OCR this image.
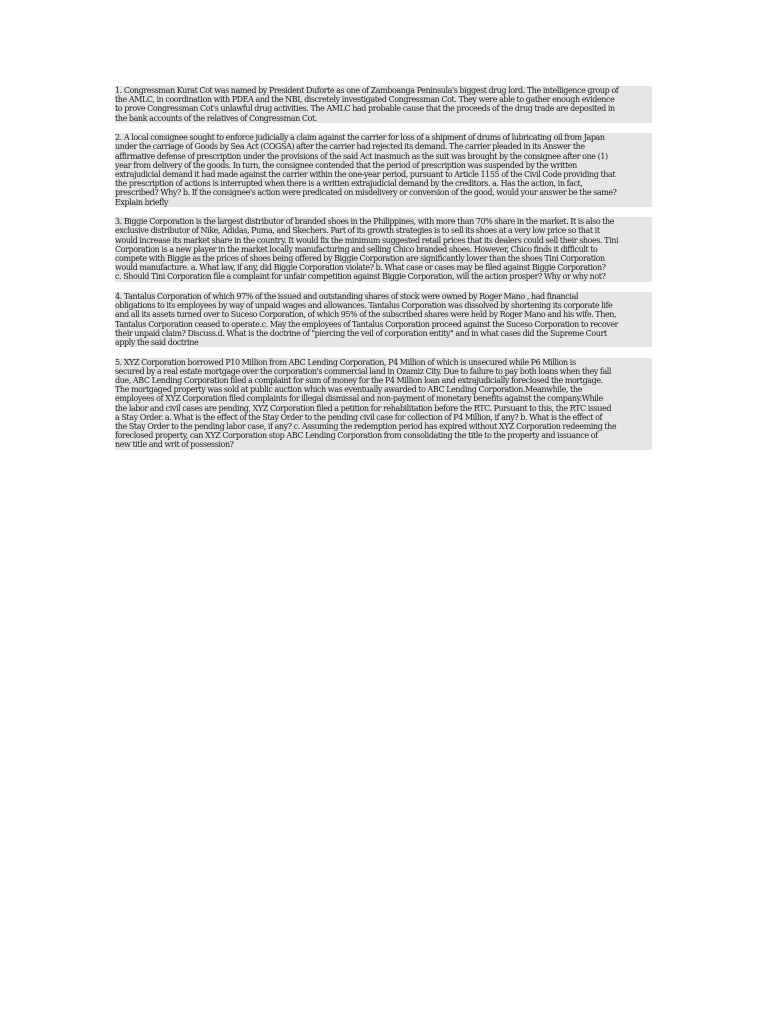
1. Congressman Kurat Cot was named by President Duforte as one of Zamboanga Peninsula's biggest drug lord. The intelligence group of
the AMLC, in coordination with PDEA and the NBI, discretely investigated Congressman Cot. They were able to gather enough evidence
to prove Congressman Cot's unlawful drug activities. The AMLC had probable cause that the proceeds of the drug trade are deposited in
the bank accounts of the relatives of Congressman Cot.
2. A local consignee sought to enforce judicially a claim against the carrier for loss of a shipment of drums of lubricating oil from Japan
under the carriage of Goods by Sea Act (COGSA) after the carrier had rejected its demand. The carrier pleaded in its Answer the
affirmative defense of prescription under the provisions of the said Act inasmuch as the suit was brought by the consignee after one (1)
year from delivery of the goods. In turn, the consignee contended that the period of prescription was suspended by the written
extrajudicial demand it had made against the carrier within the one-year period, pursuant to Article 1155 of the Civil Code providing that
the prescription of actions is interrupted when there is a written extrajudicial demand by the creditors. a. Has the action, in fact,
prescribed? Why? b. If the consignee's action were predicated on misdelivery or conversion of the good, would your answer be the same?
Explain briefly
3. Biggie Corporation is the largest distributor of branded shoes in the Philippines, with more than 70% share in the market. It is also the
exclusive distributor of Nike, Adidas, Puma, and Skechers. Part of its growth strategies is to sell its shoes at a very low price so that it
would increase its market share in the country. It would fix the minimum suggested retail prices that its dealers could sell their shoes. Tini
Corporation is a new player in the market locally manufacturing and selling Chico branded shoes. However, Chico finds it difficult to
compete with Biggie as the prices of shoes being offered by Biggie Corporation are significantly lower than the shoes Tini Corporation
would manufacture. a. What law, if any, did Biggie Corporation violate? b. What case or cases may be filed against Biggie Corporation?
c. Should Tini Corporation file a complaint for unfair competition against Biggie Corporation, will the action prosper? Why or why not?
4. Tantalus Corporation of which 97% of the issued and outstanding shares of stock were owned by Roger Mano , had financial
obligations to its employees by way of unpaid wages and allowances. Tantalus Corporation was dissolved by shortening its corporate life
and all its assets turned over to Suceso Corporation, of which 95% of the subscribed shares were held by Roger Mano and his wife. Then,
Tantalus Corporation ceased to operate.c. May the employees of Tantalus Corporation proceed against the Suceso Corporation to recover
their unpaid claim? Discuss.d. What is the doctrine of "piercing the veil of corporation entity" and in what cases did the Supreme Court
apply the said doctrine
5. XYZ Corporation borrowed P10 Million from ABC Lending Corporation, P4 Million of which is unsecured while P6 Million is
secured by a real estate mortgage over the corporation's commercial land in Ozamiz City. Due to failure to pay both loans when they fall
due, ABC Lending Corporation filed a complaint for sum of money for the P4 Million loan and extrajudicially foreclosed the mortgage.
The mortgaged property was sold at public auction which was eventually awarded to ABC Lending Corporation.Meanwhile, the
employees of XYZ Corporation filed complaints for illegal dismissal and non-payment of monetary benefits against the company.While
the labor and civil cases are pending, XYZ Corporation filed a petition for rehabilitation before the RTC. Pursuant to this, the RTC issued
a Stay Order. a. What is the effect of the Stay Order to the pending civil case for collection of P4 Million, if any? b. What is the effect of
the Stay Order to the pending labor case, if any? c. Assuming the redemption period has expired without XYZ Corporation redeeming the
foreclosed property, can XYZ Corporation stop ABC Lending Corporation from consolidating the title to the property and issuance of
new title and writ of possession?
